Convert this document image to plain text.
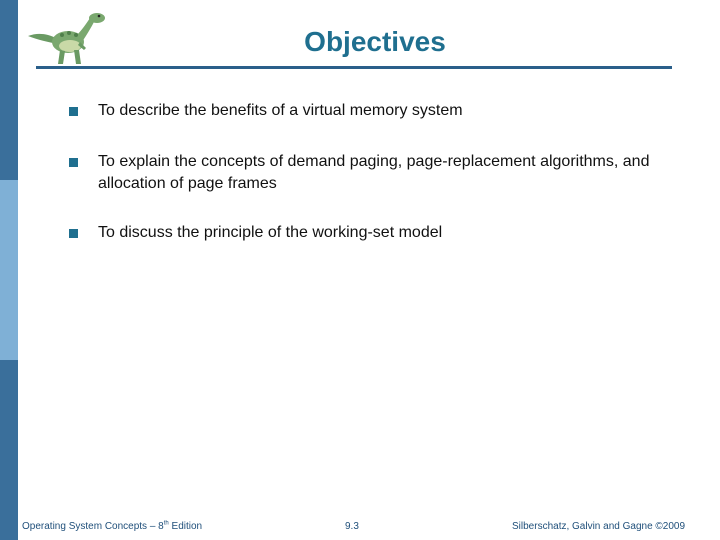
Objectives
To describe the benefits of a virtual memory system
To explain the concepts of demand paging, page-replacement algorithms, and allocation of page frames
To discuss the principle of the working-set model
Operating System Concepts – 8th Edition	9.3	Silberschatz, Galvin and Gagne ©2009
